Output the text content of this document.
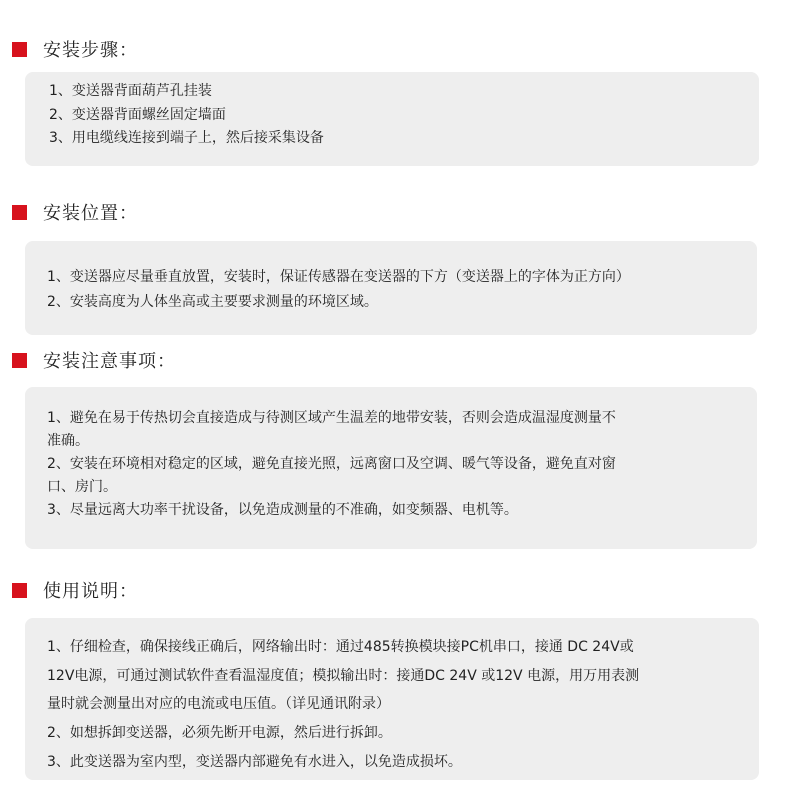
安装步骤：
1、变送器背面葫芦孔挂装
2、变送器背面螺丝固定墙面
3、用电缆线连接到端子上，然后接采集设备
安装位置：
1、变送器应尽量垂直放置，安装时，保证传感器在变送器的下方（变送器上的字体为正方向）
2、安装高度为人体坐高或主要要求测量的环境区域。
安装注意事项：
1、避免在易于传热切会直接造成与待测区域产生温差的地带安装，否则会造成温湿度测量不
准确。
2、安装在环境相对稳定的区域，避免直接光照，远离窗口及空调、暖气等设备，避免直对窗
口、房门。
3、尽量远离大功率干扰设备，以免造成测量的不准确，如变频器、电机等。
使用说明：
1、仔细检查，确保接线正确后，网络输出时：通过485转换模块接PC机串口，接通 DC 24V或
12V电源，可通过测试软件查看温湿度值；模拟输出时：接通DC 24V 或12V 电源，用万用表测
量时就会测量出对应的电流或电压值。（详见通讯附录）
2、如想拆卸变送器，必须先断开电源，然后进行拆卸。
3、此变送器为室内型，变送器内部避免有水进入，以免造成损坏。
